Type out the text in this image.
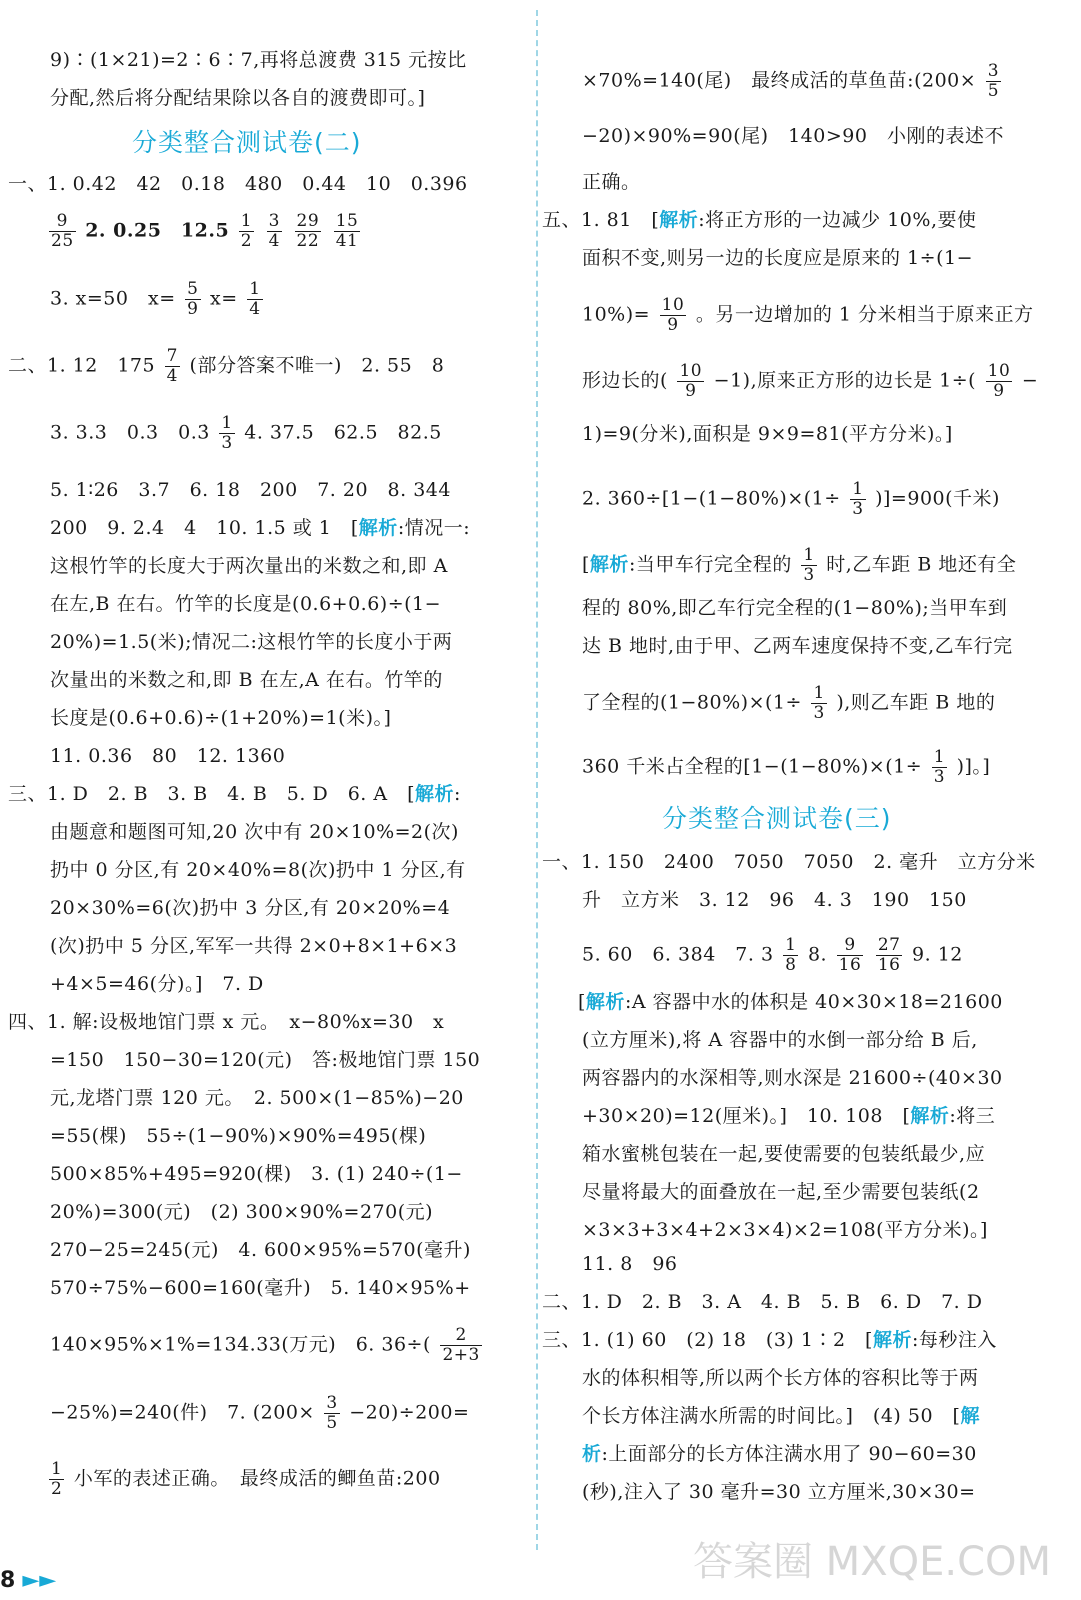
9)∶(1×21)=2∶6∶7,再将总渡费 315 元按比
分配,然后将分配结果除以各自的渡费即可。]
分类整合测试卷(二)
一、1. 0.42　42　0.18　480　0.44　10　0.396
$\frac{9}{25} 2$. 0.25　$12.5 \frac{1}{2}$
$\frac{3}{4}$
$\frac{29}{22}$
$\frac{15}{41}$
3. x=50　$x= \frac{5}{9} x= \frac{1}{4}$
二、1. 12　$175 \frac{7}{4}$ (部分答案不唯一)　2. 55　8
3. 3.3　0.3　0.3̇ $\frac{1}{3} 4$. 37.5　62.5　82.5
5. 1∶26　3.7　6. 18　200　7. 20　8. 344
200　9. 2.4　4　10. 1.5 或 1　[解析:情况一:
这根竹竿的长度大于两次量出的米数之和,即 A
在左,B 在右。竹竿的长度是(0.6+0.6)÷(1−
20%)=1.5(米);情况二:这根竹竿的长度小于两
次量出的米数之和,即 B 在左,A 在右。竹竿的
长度是(0.6+0.6)÷(1+20%)=1(米)。]
11. 0.36　80　12. 1360
三、1. D　2. B　3. B　4. B　5. D　6. A　[解析:
由题意和题图可知,20 次中有 20×10%=2(次)
扔中 0 分区,有 20×40%=8(次)扔中 1 分区,有
20×30%=6(次)扔中 3 分区,有 20×20%=4
(次)扔中 5 分区,军军一共得 2×0+8×1+6×3
+4×5=46(分)。]　7. D
四、1. 解:设极地馆门票 x 元。　x−80%x=30　x
=150　150−30=120(元)　答:极地馆门票 150
元,龙塔门票 120 元。　2. 500×(1−85%)−20
=55(棵)　55÷(1−90%)×90%=495(棵)
500×85%+495=920(棵)　3. (1) 240÷(1−
20%)=300(元)　(2) 300×90%=270(元)
270−25=245(元)　4. 600×95%=570(毫升)
570÷75%−600=160(毫升)　5. 140×95%+
140×95%×1%=134.33(万元)　6. $36\div( \frac{2}{2+3}$
−25%)=240(件)　7. $(200\times \frac{3}{5} -20)\div 200=$
$\frac{1}{2}$ 小军的表述正确。　最终成活的鲫鱼苗:200
×70%=140(尾)　最终成活的草鱼苗:(200× $\frac{3}{5}$
−20)×90%=90(尾)　140>90　小刚的表述不
正确。
五、1. 81　[解析:将正方形的一边减少 10%,要使
面积不变,则另一边的长度应是原来的 1÷(1−
$10\%)= \frac{10}{9}$ 。另一边增加的 1 分米相当于原来正方
形边长的( $\frac{10}{9} -1$),原来正方形的边长是 $1\div( \frac{10}{9}$ −
1)=9(分米),面积是 9×9=81(平方分米)。]
2. $360\div[1-(1-80\%)\times(1\div \frac{1}{3} )]=900$(千米)
[解析:当甲车行完全程的 $\frac{1}{3}$ 时,乙车距 B 地还有全
程的 80%,即乙车行完全程的(1−80%);当甲车到
达 B 地时,由于甲、乙两车速度保持不变,乙车行完
了全程的$(1-80\%)\times(1\div \frac{1}{3}$ ),则乙车距 B 地的
360 千米占全程的[$1-(1-80\%)\times(1\div \frac{1}{3}$ )]。]
分类整合测试卷(三)
一、1. 150　2400　7050　7050　2. 毫升　立方分米
升　立方米　3. 12　96　4. 3　190　150
5. 60　6. 384　7. $3 \frac{1}{8} 8$. $\frac{9}{16}$
$\frac{27}{16} 9$. 12
[解析:A 容器中水的体积是 40×30×18=21600
(立方厘米),将 A 容器中的水倒一部分给 B 后,
两容器内的水深相等,则水深是 21600÷(40×30
+30×20)=12(厘米)。]　10. 108　[解析:将三
箱水蜜桃包装在一起,要使需要的包装纸最少,应
尽量将最大的面叠放在一起,至少需要包装纸(2
×3×3+3×4+2×3×4)×2=108(平方分米)。]
11. 8　96
二、1. D　2. B　3. A　4. B　5. B　6. D　7. D
三、1. (1) 60　(2) 18　(3) 1∶2　[解析:每秒注入
水的体积相等,所以两个长方体的容积比等于两
个长方体注满水所需的时间比。]　(4) 50　[解
析:上面部分的长方体注满水用了 90−60=30
(秒),注入了 30 毫升=30 立方厘米,30×30=
8 ►►	答案圈 MXQE.COM
